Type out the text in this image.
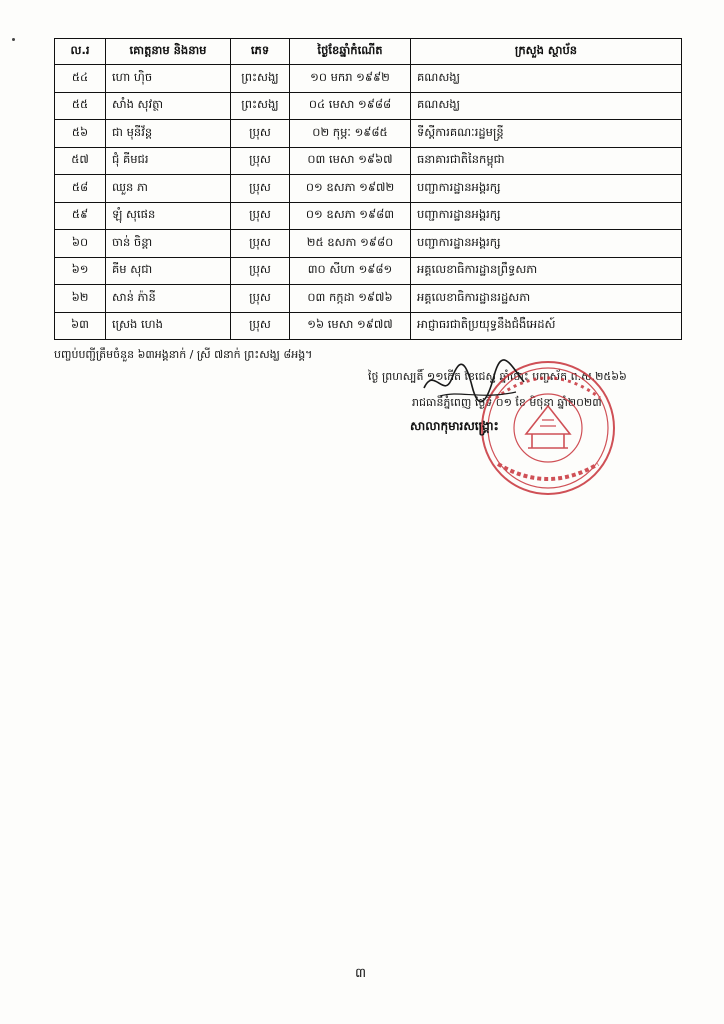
ល.រ	គោត្តនាម និងនាម	ភេទ	ថ្ងៃខែឆ្នាំកំណើត	ក្រសួង ស្ថាប័ន
៥៤	ហោ ហ៊ិច	ព្រះសង្ឃ	១០ មករា ១៩៩២	គណសង្ឃ
៥៥	សាំង សុវត្ថា	ព្រះសង្ឃ	០៤ មេសា ១៩៨៨	គណសង្ឃ
៥៦	ជា មុនីវ័ន្ត	ប្រុស	០២ កុម្ភៈ ១៩៨៥	ទីស្តីការគណៈរដ្ឋមន្ត្រី
៥៧	ជុំ គីមជរ	ប្រុស	០៣ មេសា ១៩៦៧	ធនាគារជាតិនៃកម្ពុជា
៥៨	ឈួន ភា	ប្រុស	០១ ឧសភា ១៩៧២	បញ្ជាការដ្ឋានអង្គរក្ស
៥៩	ឡុំ សុផេន	ប្រុស	០១ ឧសភា ១៩៨៣	បញ្ជាការដ្ឋានអង្គរក្ស
៦០	ចាន់ ចិន្តា	ប្រុស	២៥ ឧសភា ១៩៨០	បញ្ជាការដ្ឋានអង្គរក្ស
៦១	គីម សុជា	ប្រុស	៣០ សីហា ១៩៨១	អគ្គលេខាធិការដ្ឋានព្រឹទ្ធសភា
៦២	សាន់ ភ៉ានី	ប្រុស	០៣ កក្កដា ១៩៧៦	អគ្គលេខាធិការដ្ឋានរដ្ឋសភា
៦៣	ស្រេង ហេង	ប្រុស	១៦ មេសា ១៩៧៧	អាជ្ញាធរជាតិប្រយុទ្ធនឹងជំងឺអេដស៍
បញ្ចប់បញ្ជីត្រឹមចំនួន ៦៣អង្គនាក់ / ស្រី ៧នាក់ ព្រះសង្ឃ ៨អង្គ។
ថ្ងៃ ព្រហស្បតិ៍ ១១កើត ខែជេស្ឋ ឆ្នាំថោះ បញ្ចស័ក ព.ស.២៥៦៦
រាជធានីភ្នំពេញ ថ្ងៃទី ០១ ខែ មិថុនា ឆ្នាំ២០២៣
សាលាកុមារសង្គ្រោះ
៣
